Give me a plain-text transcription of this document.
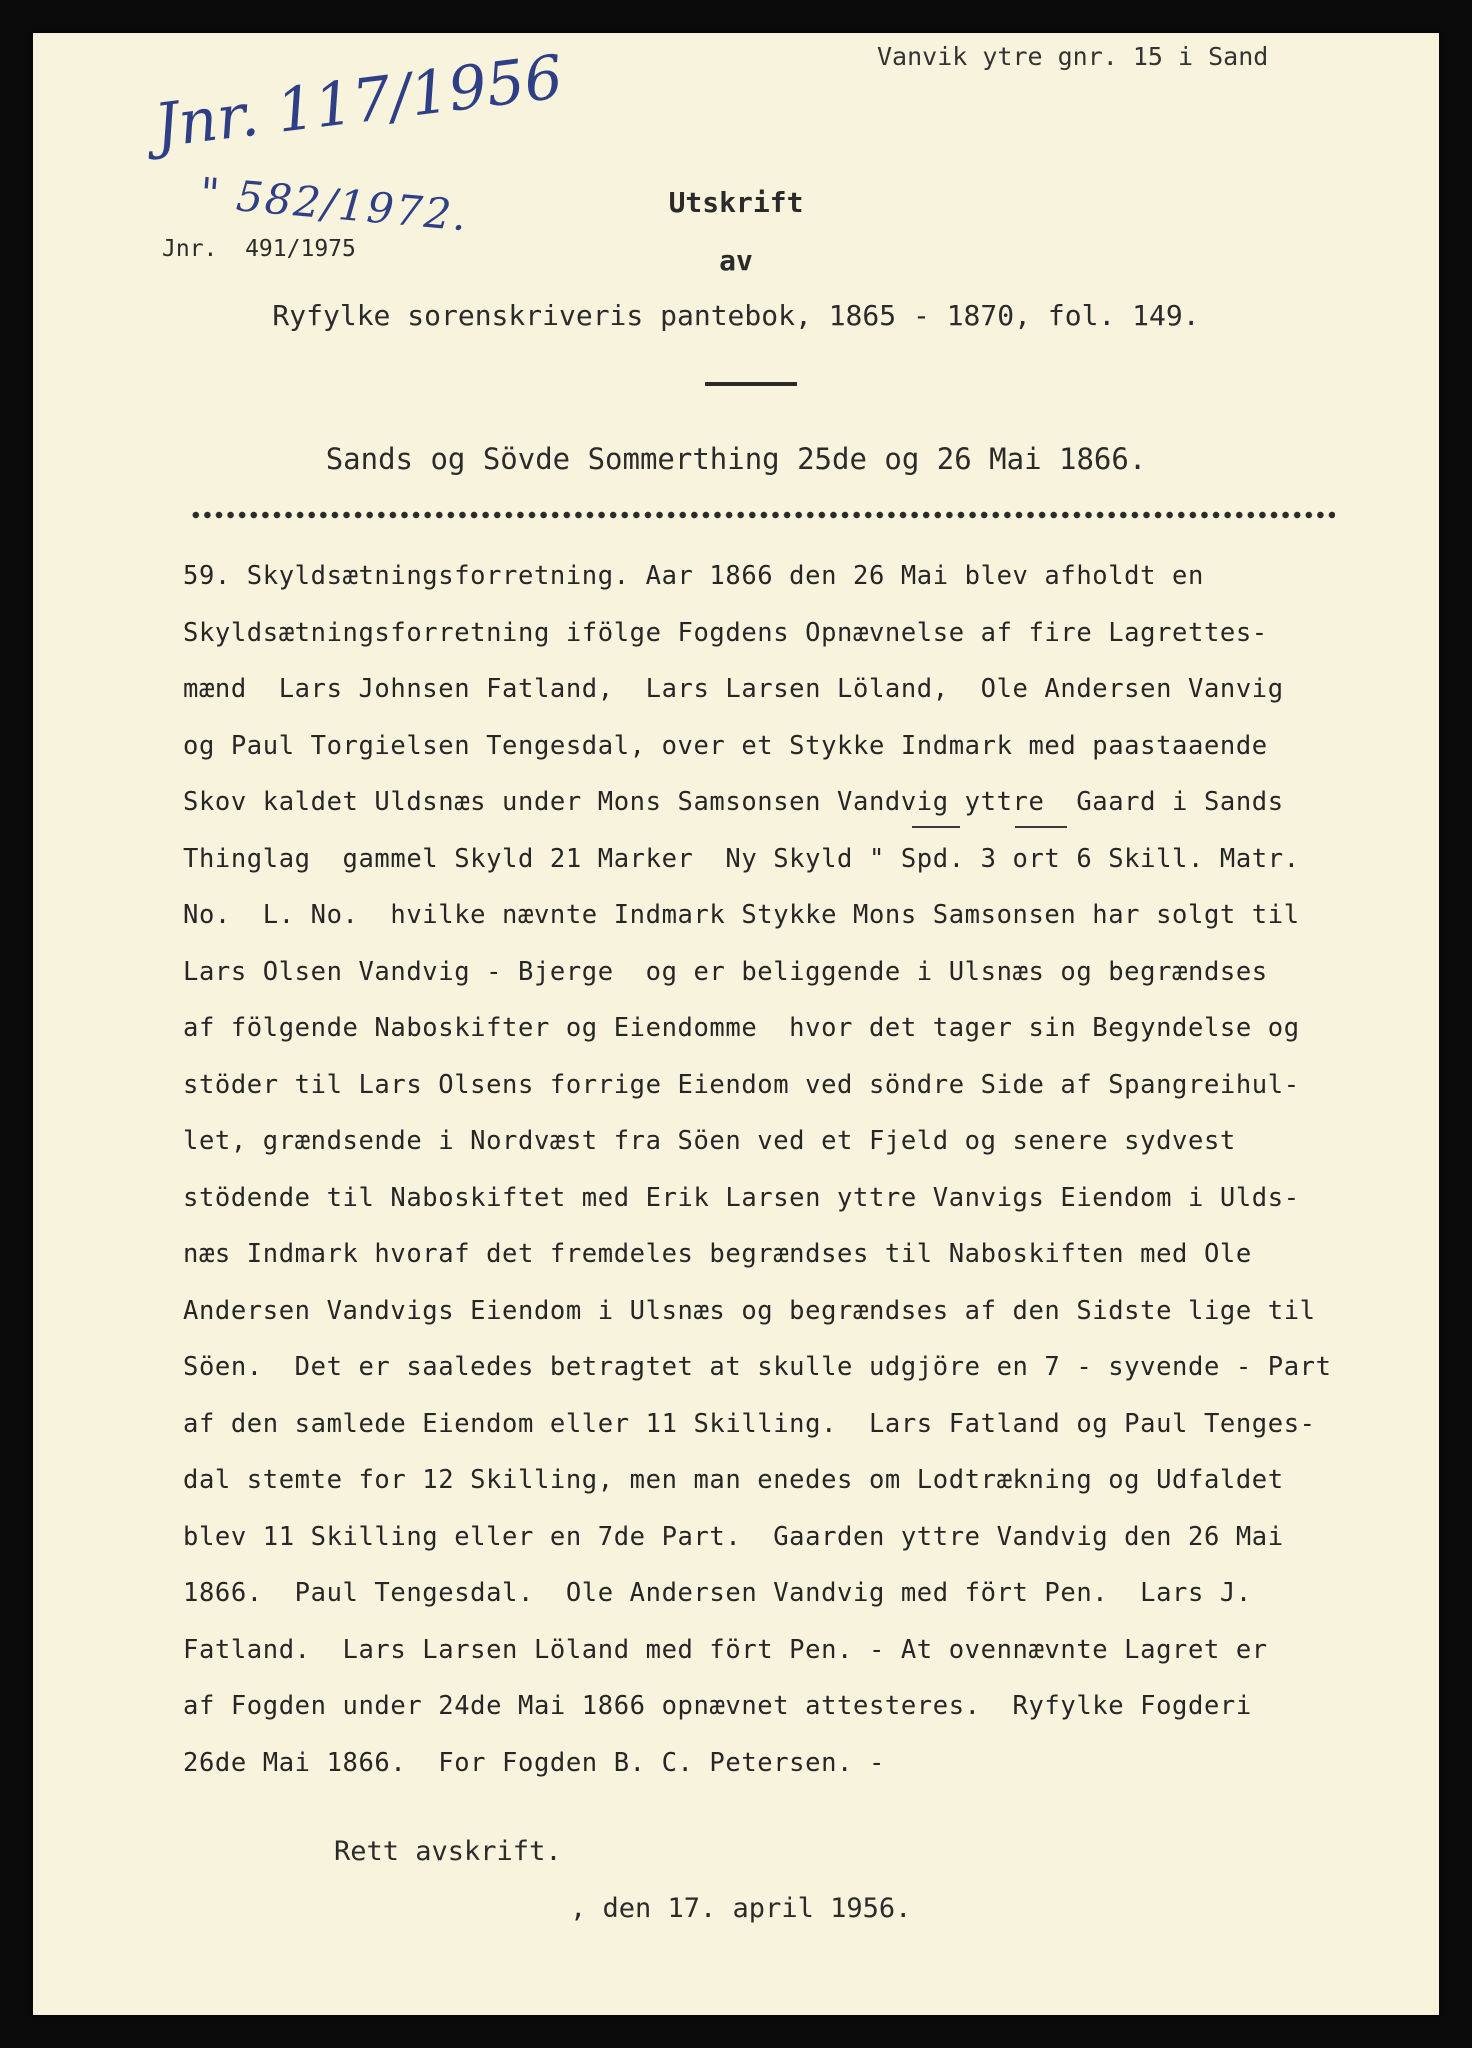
Vanvik ytre gnr. 15 i Sand

Jnr. 117/1956

" 582/1972.

Jnr.  491/1975

Utskrift

av

Ryfylke sorenskriveris pantebok, 1865 - 1870, fol. 149.

Sands og Sövde Sommerthing 25de og 26 Mai 1866.

59. Skyldsætningsforretning. Aar 1866 den 26 Mai blev afholdt en
Skyldsætningsforretning ifölge Fogdens Opnævnelse af fire Lagrettes-
mænd  Lars Johnsen Fatland,  Lars Larsen Löland,  Ole Andersen Vanvig
og Paul Torgielsen Tengesdal, over et Stykke Indmark med paastaaende
Skov kaldet Uldsnæs under Mons Samsonsen Vandvig yttre  Gaard i Sands
Thinglag  gammel Skyld 21 Marker  Ny Skyld " Spd. 3 ort 6 Skill. Matr.
No.  L. No.  hvilke nævnte Indmark Stykke Mons Samsonsen har solgt til
Lars Olsen Vandvig - Bjerge  og er beliggende i Ulsnæs og begrændses
af fölgende Naboskifter og Eiendomme  hvor det tager sin Begyndelse og
stöder til Lars Olsens forrige Eiendom ved söndre Side af Spangreihul-
let, grændsende i Nordvæst fra Söen ved et Fjeld og senere sydvest
stödende til Naboskiftet med Erik Larsen yttre Vanvigs Eiendom i Ulds-
næs Indmark hvoraf det fremdeles begrændses til Naboskiften med Ole
Andersen Vandvigs Eiendom i Ulsnæs og begrændses af den Sidste lige til
Söen.  Det er saaledes betragtet at skulle udgjöre en 7 - syvende - Part
af den samlede Eiendom eller 11 Skilling.  Lars Fatland og Paul Tenges-
dal stemte for 12 Skilling, men man enedes om Lodtrækning og Udfaldet
blev 11 Skilling eller en 7de Part.  Gaarden yttre Vandvig den 26 Mai
1866.  Paul Tengesdal.  Ole Andersen Vandvig med fört Pen.  Lars J.
Fatland.  Lars Larsen Löland med fört Pen. - At ovennævnte Lagret er
af Fogden under 24de Mai 1866 opnævnet attesteres.  Ryfylke Fogderi
26de Mai 1866.  For Fogden B. C. Petersen. -

Rett avskrift.

, den 17. april 1956.
